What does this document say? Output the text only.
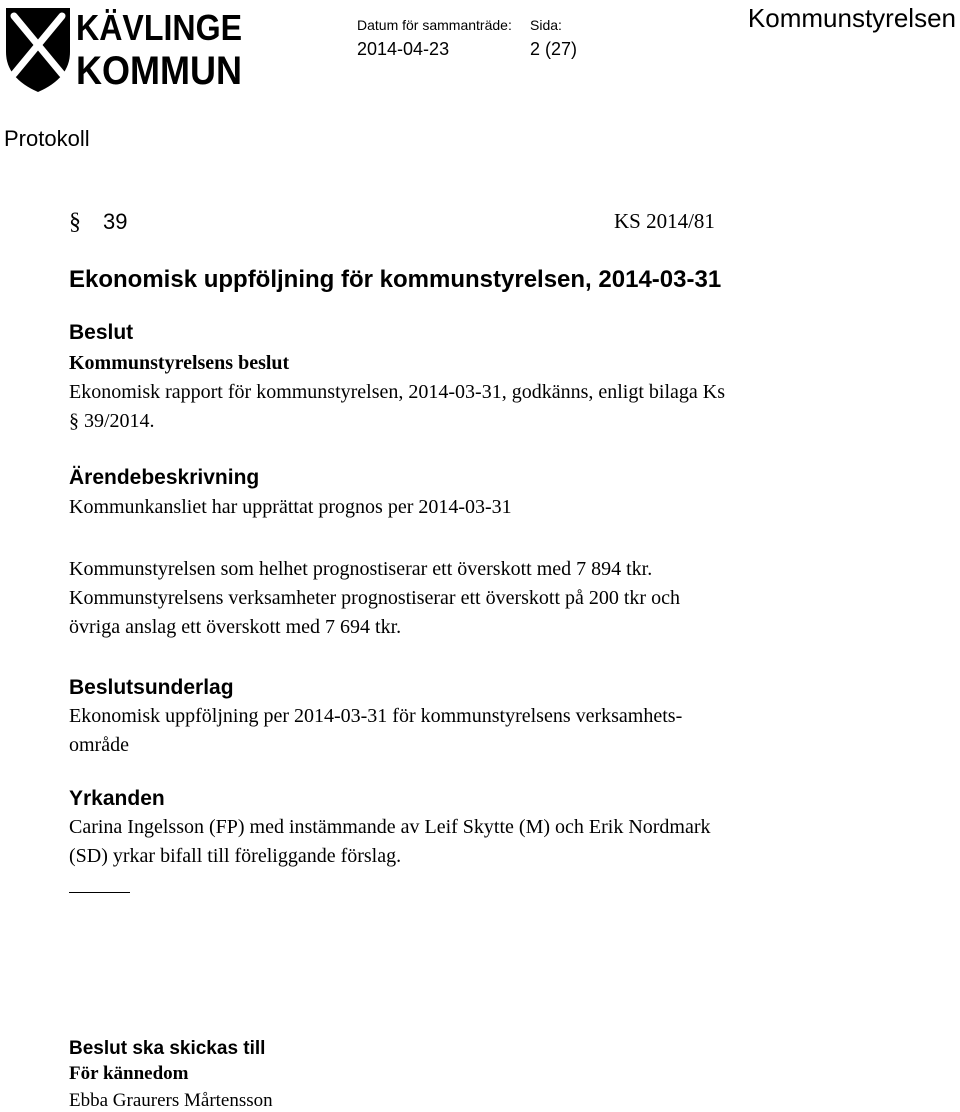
KÄVLINGE
KOMMUN
Datum för sammanträde: Sida:
2014-04-23	2 (27)
Kommunstyrelsen
Protokoll
§ 39	KS 2014/81
Ekonomisk uppföljning för kommunstyrelsen, 2014-03-31
Beslut
Kommunstyrelsens beslut
Ekonomisk rapport för kommunstyrelsen, 2014-03-31, godkänns, enligt bilaga Ks
§ 39/2014.
Ärendebeskrivning
Kommunkansliet har upprättat prognos per 2014-03-31
Kommunstyrelsen som helhet prognostiserar ett överskott med 7 894 tkr.
Kommunstyrelsens verksamheter prognostiserar ett överskott på 200 tkr och
övriga anslag ett överskott med 7 694 tkr.
Beslutsunderlag
Ekonomisk uppföljning per 2014-03-31 för kommunstyrelsens verksamhets-
område
Yrkanden
Carina Ingelsson (FP) med instämmande av Leif Skytte (M) och Erik Nordmark
(SD) yrkar bifall till föreliggande förslag.
Beslut ska skickas till
För kännedom
Ebba Graurers Mårtensson
